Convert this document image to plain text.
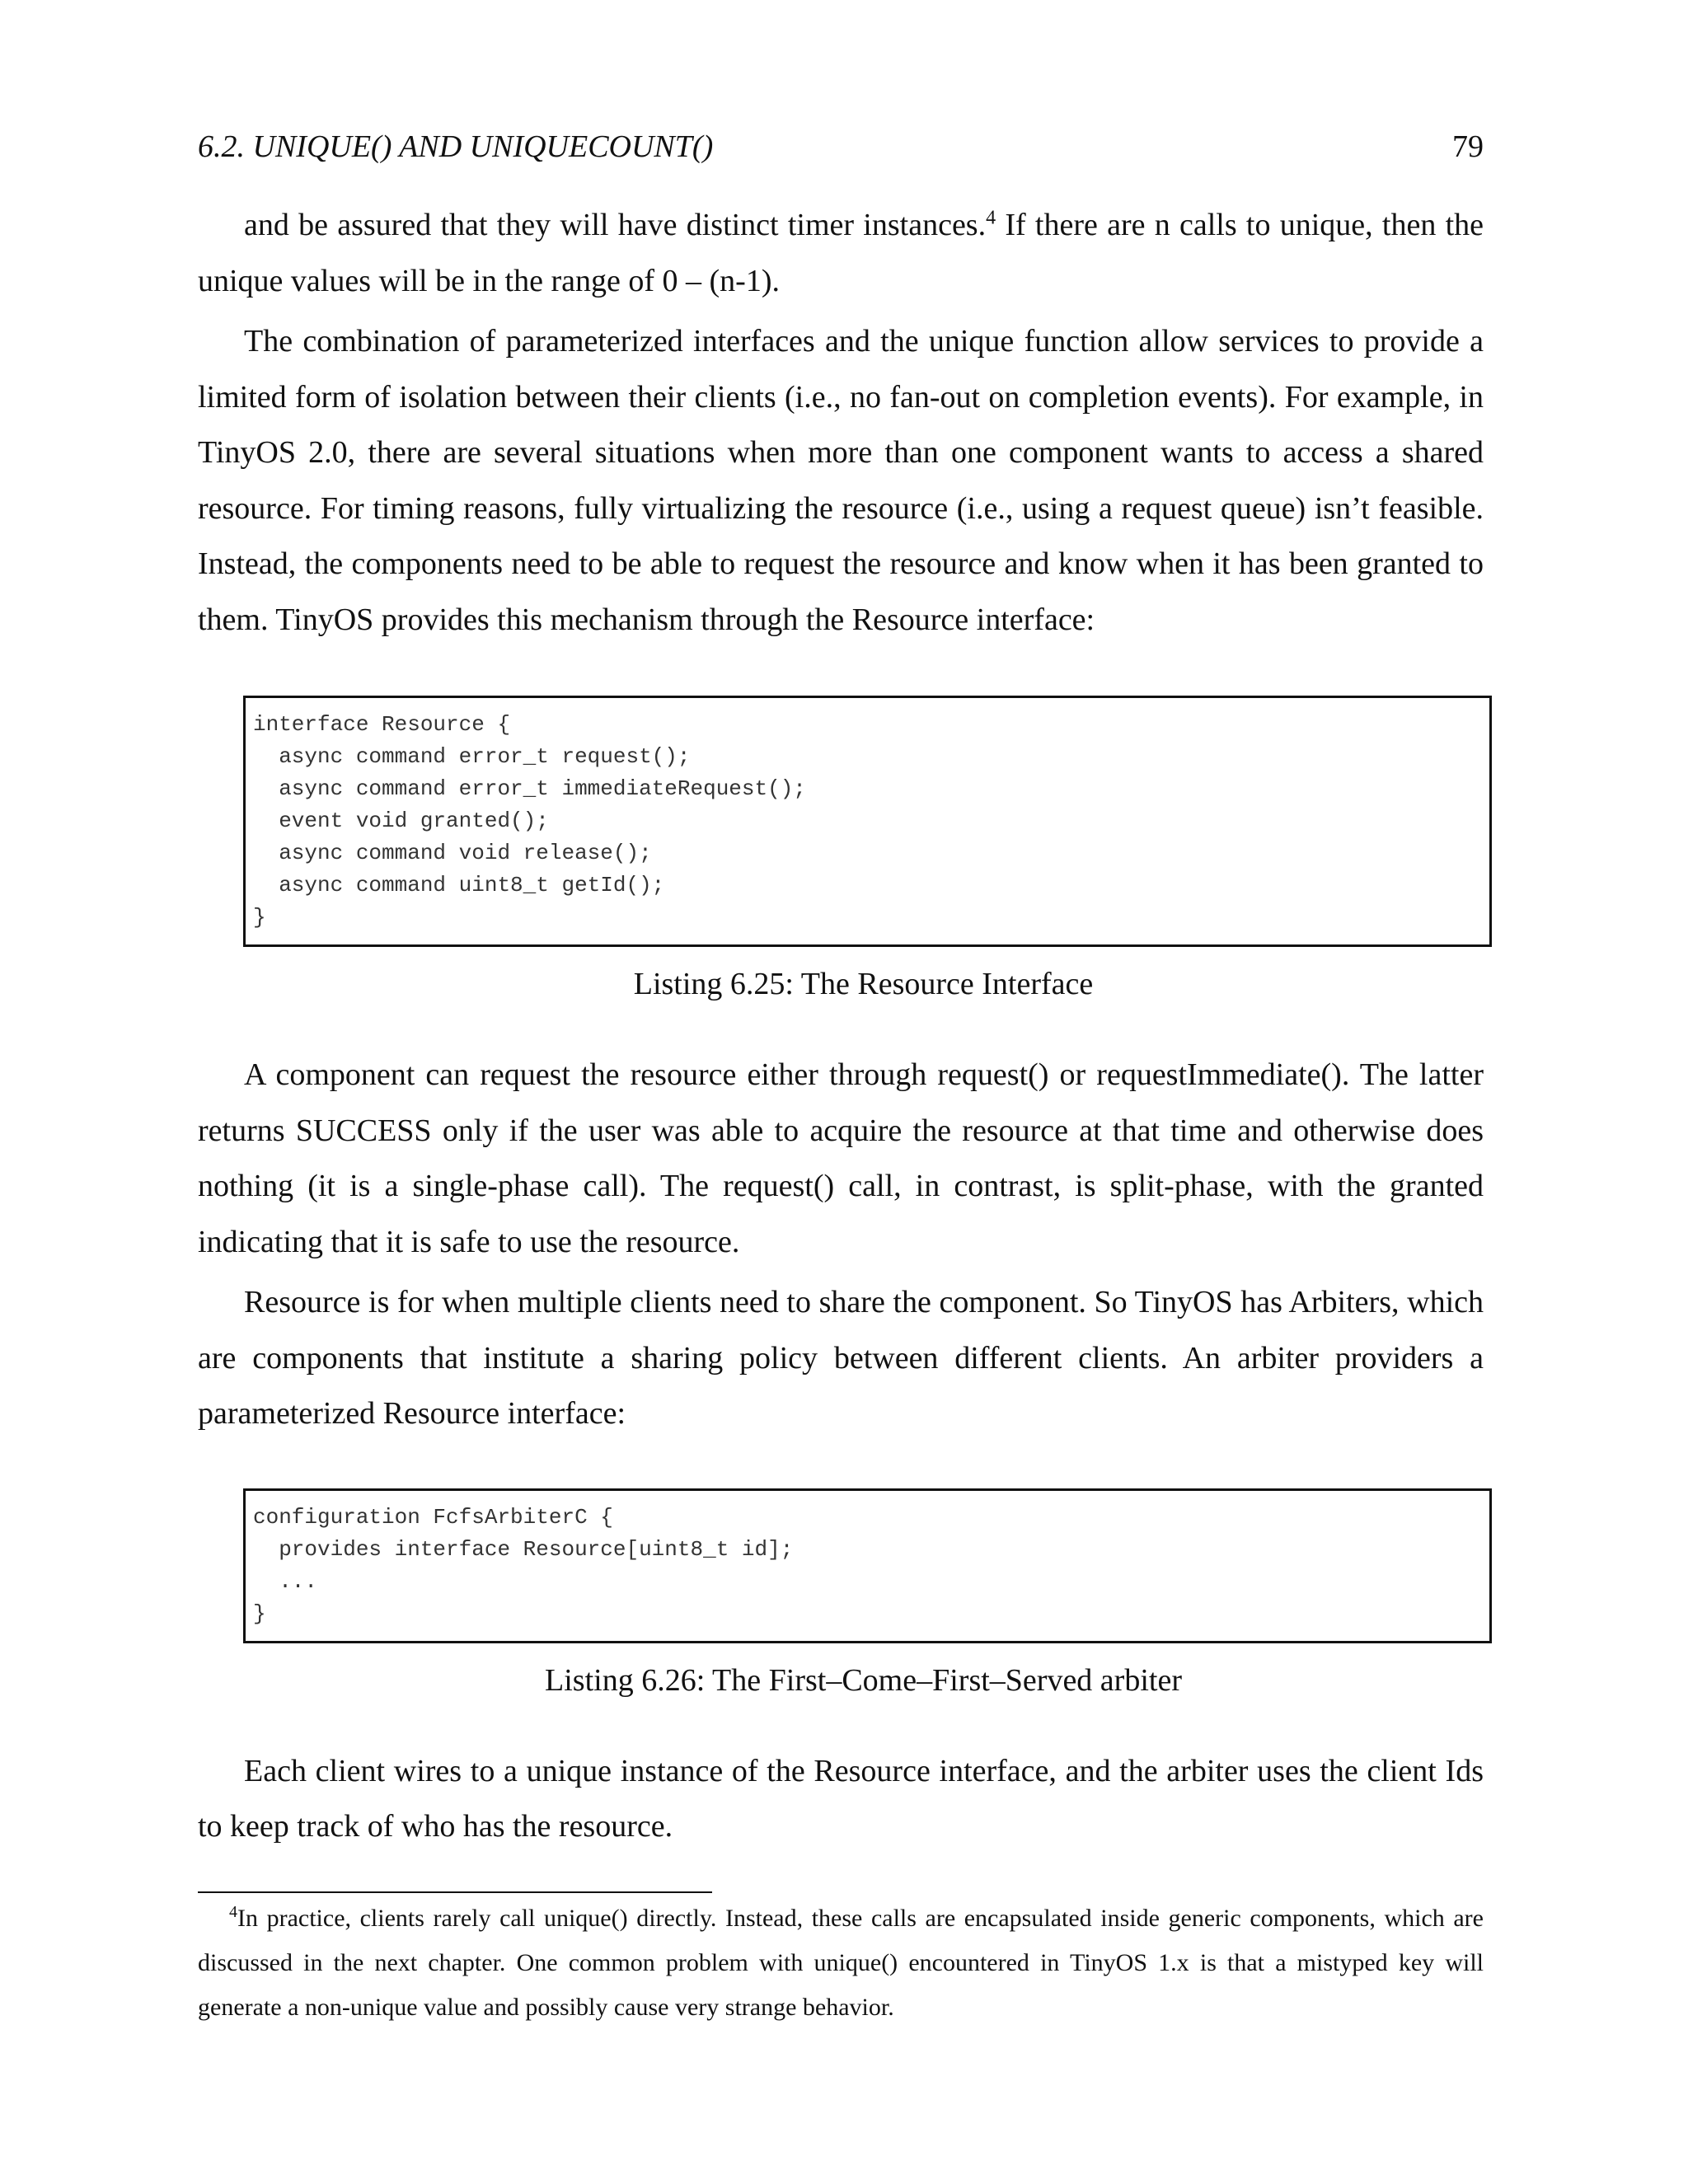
6.2. UNIQUE() AND UNIQUECOUNT()	79

and be assured that they will have distinct timer instances.$^4$ If there are n calls to unique, then the unique values will be in the range of 0 – (n-1).

The combination of parameterized interfaces and the unique function allow services to provide a limited form of isolation between their clients (i.e., no fan-out on completion events). For example, in TinyOS 2.0, there are several situations when more than one component wants to access a shared resource. For timing reasons, fully virtualizing the resource (i.e., using a request queue) isn’t feasible. Instead, the components need to be able to request the resource and know when it has been granted to them. TinyOS provides this mechanism through the Resource interface:

interface Resource {
async command error_t request();
async command error_t immediateRequest();
event void granted();
async command void release();
async command uint8_t getId();
}
Listing 6.25: The Resource Interface

A component can request the resource either through request() or requestImmediate(). The latter returns SUCCESS only if the user was able to acquire the resource at that time and otherwise does nothing (it is a single-phase call). The request() call, in contrast, is split-phase, with the granted indicating that it is safe to use the resource.

Resource is for when multiple clients need to share the component. So TinyOS has Arbiters, which are components that institute a sharing policy between different clients. An arbiter providers a parameterized Resource interface:

configuration FcfsArbiterC {
provides interface Resource[uint8_t id];
...
}
Listing 6.26: The First–Come–First–Served arbiter

Each client wires to a unique instance of the Resource interface, and the arbiter uses the client Ids to keep track of who has the resource.

$^4$In practice, clients rarely call unique() directly. Instead, these calls are encapsulated inside generic components, which are discussed in the next chapter. One common problem with unique() encountered in TinyOS 1.x is that a mistyped key will generate a non-unique value and possibly cause very strange behavior.
